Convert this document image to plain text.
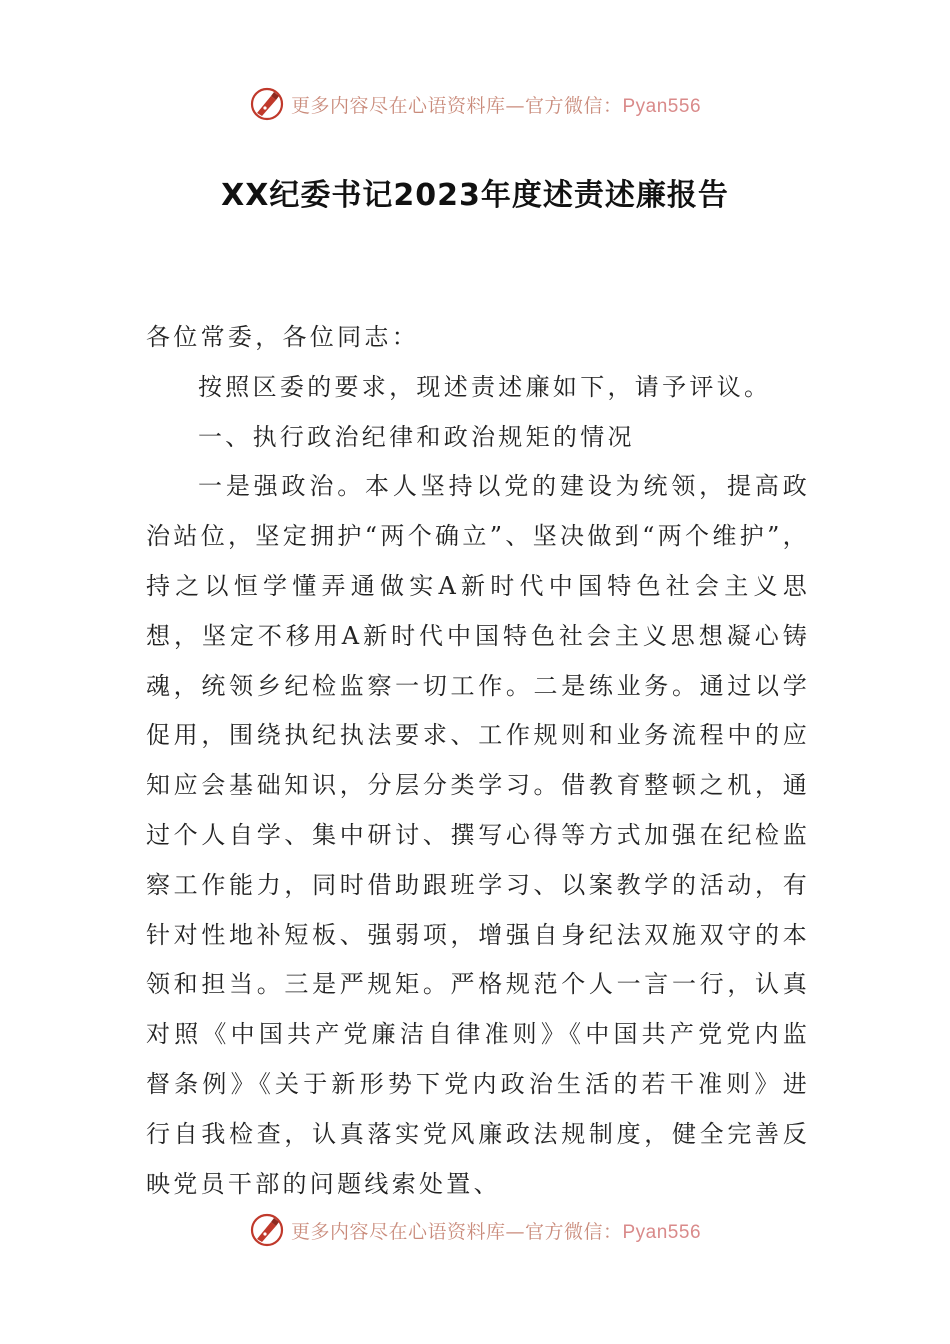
更多内容尽在心语资料库—官方微信：Pyan556
XX纪委书记2023年度述责述廉报告

各位常委，各位同志：

按照区委的要求，现述责述廉如下，请予评议。

一、执行政治纪律和政治规矩的情况

一是强政治。本人坚持以党的建设为统领，提高政治站位，坚定拥护“两个确立”、坚决做到“两个维护”，持之以恒学懂弄通做实A新时代中国特色社会主义思想，坚定不移用A新时代中国特色社会主义思想凝心铸魂，统领乡纪检监察一切工作。二是练业务。通过以学促用，围绕执纪执法要求、工作规则和业务流程中的应知应会基础知识，分层分类学习。借教育整顿之机，通过个人自学、集中研讨、撰写心得等方式加强在纪检监察工作能力，同时借助跟班学习、以案教学的活动，有针对性地补短板、强弱项，增强自身纪法双施双守的本领和担当。三是严规矩。严格规范个人一言一行，认真对照《中国共产党廉洁自律准则》《中国共产党党内监督条例》《关于新形势下党内政治生活的若干准则》进行自我检查，认真落实党风廉政法规制度，健全完善反映党员干部的问题线索处置、

更多内容尽在心语资料库—官方微信：Pyan556
